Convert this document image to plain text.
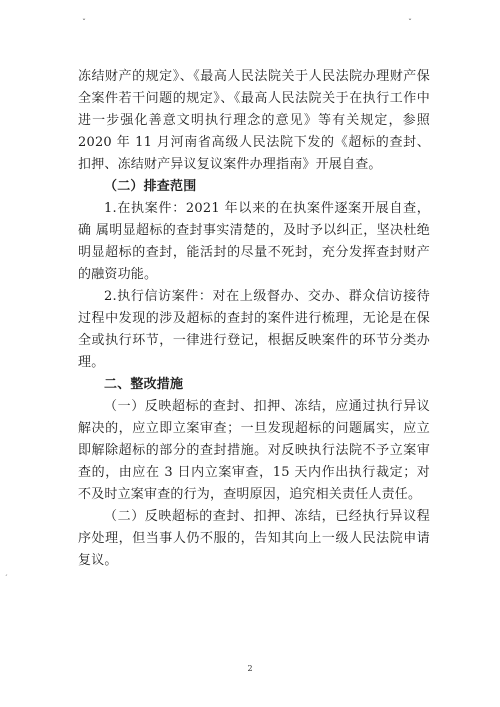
ˇ	ˇ
ˊ

冻结财产的规定》、《最高人民法院关于人民法院办理财产保全案件若干问题的规定》、《最高人民法院关于在执行工作中进一步强化善意文明执行理念的意见》等有关规定，参照 2020 年 11 月河南省高级人民法院下发的《超标的查封、扣押、冻结财产异议复议案件办理指南》开展自查。

（二）排查范围

1.在执案件：2021 年以来的在执案件逐案开展自查，确 属明显超标的查封事实清楚的，及时予以纠正，坚决杜绝明显超标的查封，能活封的尽量不死封，充分发挥查封财产的融资功能。

2.执行信访案件：对在上级督办、交办、群众信访接待过程中发现的涉及超标的查封的案件进行梳理，无论是在保全或执行环节，一律进行登记，根据反映案件的环节分类办理。

二、整改措施

（一）反映超标的查封、扣押、冻结，应通过执行异议解决的，应立即立案审查；一旦发现超标的问题属实，应立即解除超标的部分的查封措施。对反映执行法院不予立案审查的，由应在 3 日内立案审查，15 天内作出执行裁定；对不及时立案审查的行为，查明原因，追究相关责任人责任。

（二）反映超标的查封、扣押、冻结，已经执行异议程序处理，但当事人仍不服的，告知其向上一级人民法院申请复议。

2
